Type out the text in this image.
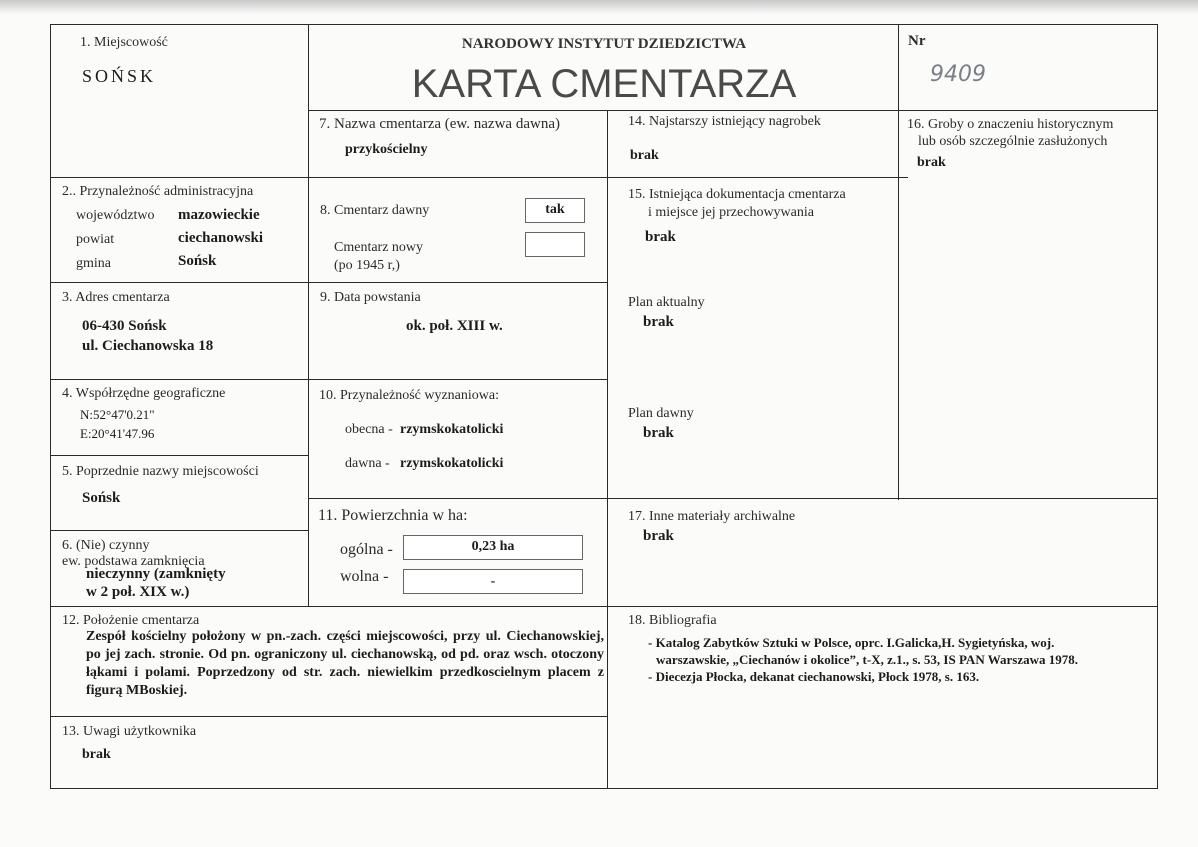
NARODOWY INSTYTUT DZIEDZICTWA
KARTA CMENTARZA
Nr
9409
1. Miejscowość
SOŃSK
2.. Przynależność administracyjna
województwo mazowieckie
powiat	ciechanowski
gmina	Sońsk
3. Adres cmentarza
06-430 Sońsk
ul. Ciechanowska 18
4. Współrzędne geograficzne
N:52°47'0.21"
E:20°41'47.96
5. Poprzednie nazwy miejscowości
Sońsk
6. (Nie) czynny
ew. podstawa zamknięcia
nieczynny (zamknięty
w 2 poł. XIX w.)
7. Nazwa cmentarza (ew. nazwa dawna)
przykościelny
8. Cmentarz dawny	tak
Cmentarz nowy
(po 1945 r,)
9. Data powstania
ok. poł. XIII w.
10. Przynależność wyznaniowa:
obecna - rzymskokatolicki
dawna - rzymskokatolicki
11. Powierzchnia w ha:
ogólna -	0,23 ha
wolna -	-
12. Położenie cmentarza
Zespół kościelny położony w pn.-zach. części miejscowości, przy ul. Ciechanowskiej, po jej zach. stronie. Od pn. ograniczony ul. ciechanowską, od pd. oraz wsch. otoczony łąkami i polami. Poprzedzony od str. zach. niewielkim przedkoscielnym placem z figurą MBoskiej.
13. Uwagi użytkownika
brak
14. Najstarszy istniejący nagrobek
brak
15. Istniejąca dokumentacja cmentarza
i miejsce jej przechowywania
brak
Plan aktualny
brak
Plan dawny
brak
16. Groby o znaczeniu historycznym
lub osób szczególnie zasłużonych
brak
17. Inne materiały archiwalne
brak
18. Bibliografia
- Katalog Zabytków Sztuki w Polsce, oprc. I.Galicka,H. Sygietyńska, woj.
warszawskie, „Ciechanów i okolice”, t-X, z.1., s. 53, IS PAN Warszawa 1978.
- Diecezja Płocka, dekanat ciechanowski, Płock 1978, s. 163.
